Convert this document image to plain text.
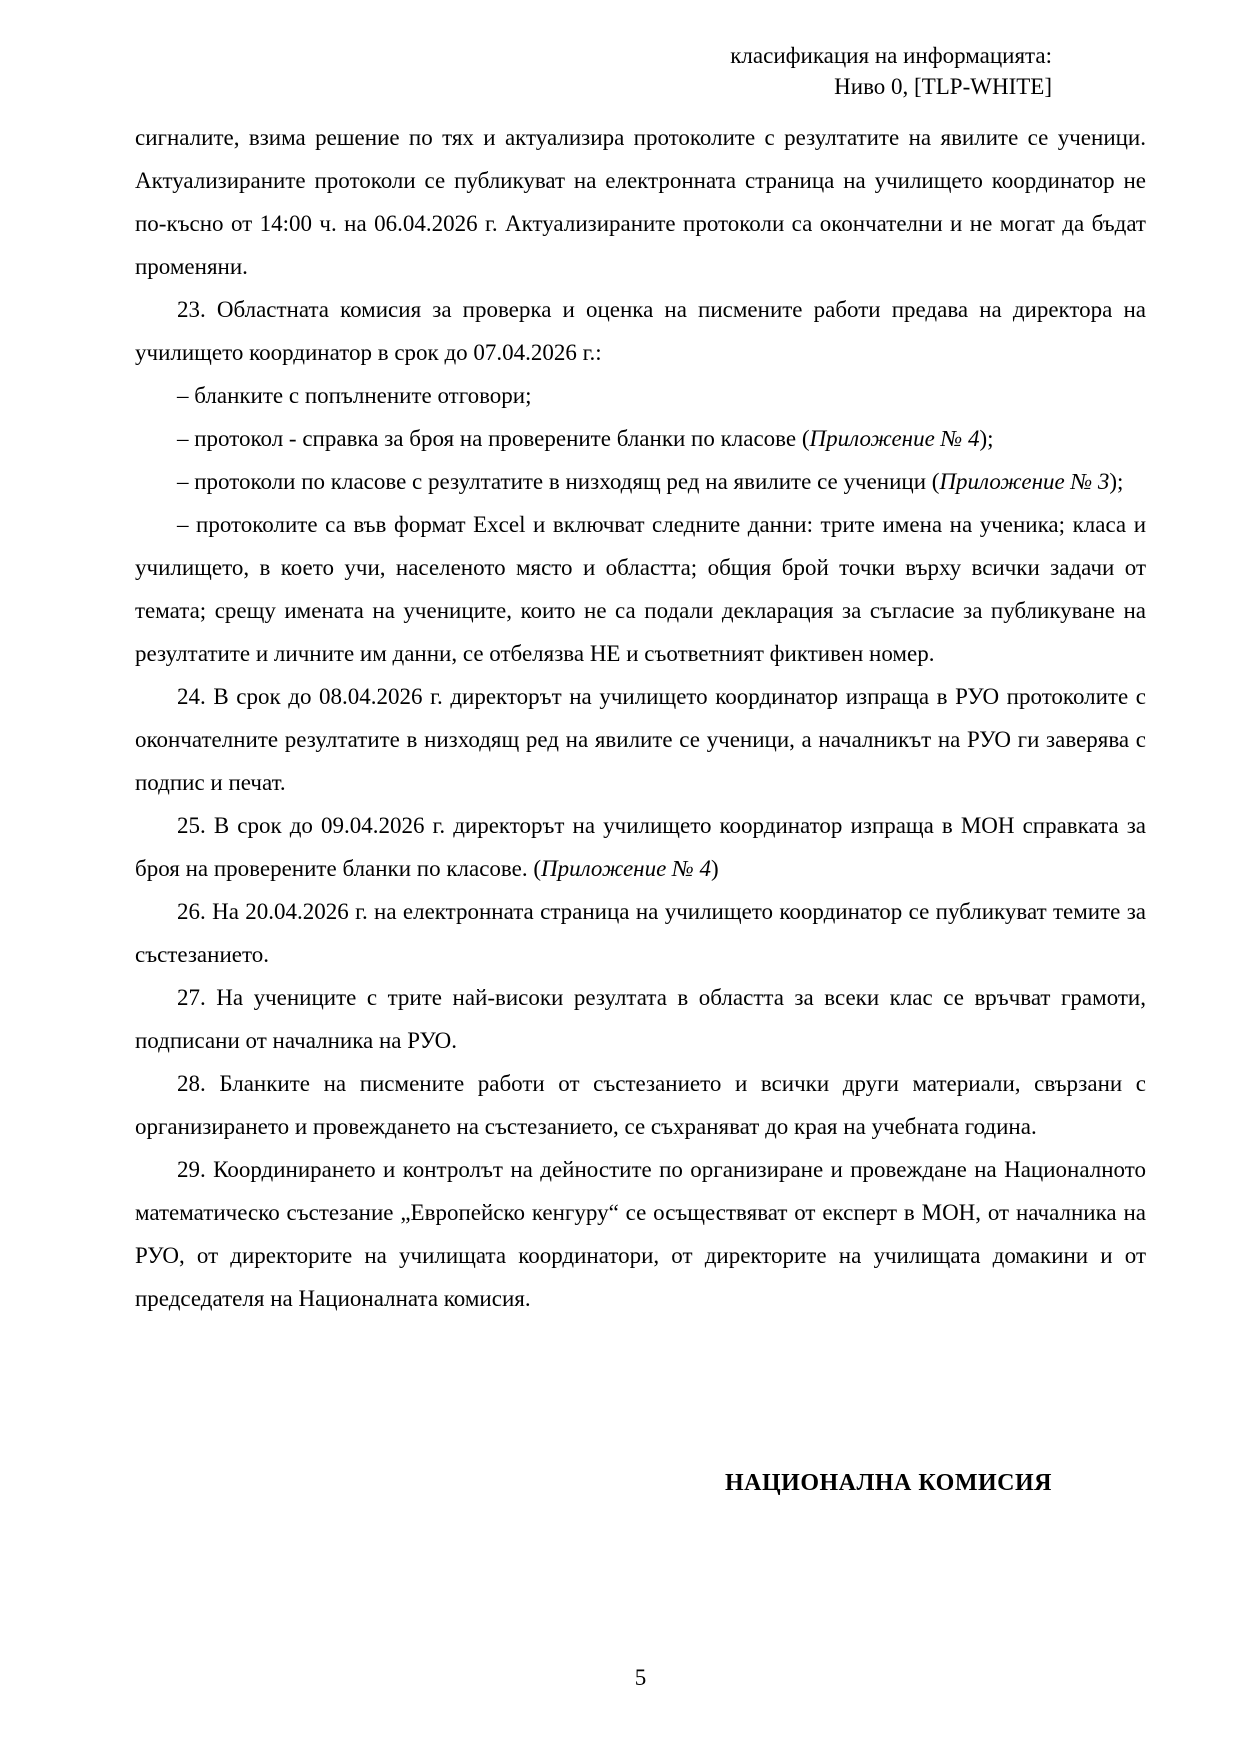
класификация на информацията:
Ниво 0, [TLP-WHITE]

сигналите, взима решение по тях и актуализира протоколите с резултатите на явилите се ученици. Актуализираните протоколи се публикуват на електронната страница на училището координатор не по-късно от 14:00 ч. на 06.04.2026 г. Актуализираните протоколи са окончателни и не могат да бъдат променяни.

23. Областната комисия за проверка и оценка на писмените работи предава на директора на училището координатор в срок до 07.04.2026 г.:

– бланките с попълнените отговори;

– протокол - справка за броя на проверените бланки по класове (Приложение № 4);

– протоколи по класове с резултатите в низходящ ред на явилите се ученици (Приложение № 3);

– протоколите са във формат Excel и включват следните данни: трите имена на ученика; класа и училището, в което учи, населеното място и областта; общия брой точки върху всички задачи от темата; срещу имената на учениците, които не са подали декларация за съгласие за публикуване на резултатите и личните им данни, се отбелязва НЕ и съответният фиктивен номер.

24. В срок до 08.04.2026 г. директорът на училището координатор изпраща в РУО протоколите с окончателните резултатите в низходящ ред на явилите се ученици, а началникът на РУО ги заверява с подпис и печат.

25. В срок до 09.04.2026 г. директорът на училището координатор изпраща в МОН справката за броя на проверените бланки по класове. (Приложение № 4)

26. На 20.04.2026 г. на електронната страница на училището координатор се публикуват темите за състезанието.

27. На учениците с трите най-високи резултата в областта за всеки клас се връчват грамоти, подписани от началника на РУО.

28. Бланките на писмените работи от състезанието и всички други материали, свързани с организирането и провеждането на състезанието, се съхраняват до края на учебната година.

29. Координирането и контролът на дейностите по организиране и провеждане на Националното математическо състезание „Европейско кенгуру“ се осъществяват от експерт в МОН, от началника на РУО, от директорите на училищата координатори, от директорите на училищата домакини и от председателя на Националната комисия.

НАЦИОНАЛНА КОМИСИЯ
5
